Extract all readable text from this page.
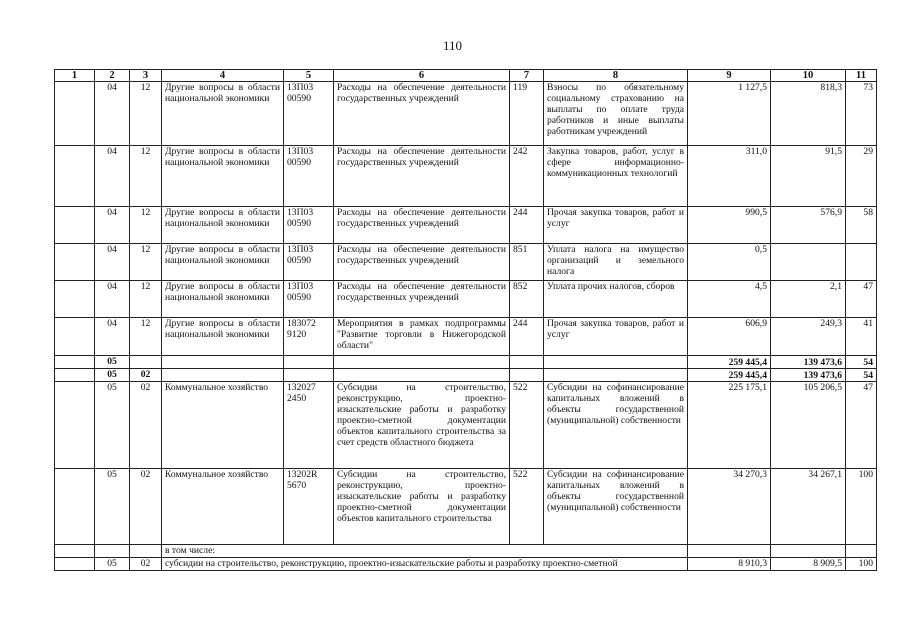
110
1	2	3	4	5	6	7	8	9	10	11
	04	12	Другие вопросы в области национальной экономики	13П03 00590	Расходы на обеспечение деятельности государственных учреждений	119	Взносы по обязательному социальному страхованию на выплаты по оплате труда работников и иные выплаты работникам учреждений	1 127,5	818,3	73
	04	12	Другие вопросы в области национальной экономики	13П03 00590	Расходы на обеспечение деятельности государственных учреждений	242	Закупка товаров, работ, услуг в сфере информационно-коммуникационных технологий	311,0	91,5	29
	04	12	Другие вопросы в области национальной экономики	13П03 00590	Расходы на обеспечение деятельности государственных учреждений	244	Прочая закупка товаров, работ и услуг	990,5	576,9	58
	04	12	Другие вопросы в области национальной экономики	13П03 00590	Расходы на обеспечение деятельности государственных учреждений	851	Уплата налога на имущество организаций и земельного налога	0,5		
	04	12	Другие вопросы в области национальной экономики	13П03 00590	Расходы на обеспечение деятельности государственных учреждений	852	Уплата прочих налогов, сборов	4,5	2,1	47
	04	12	Другие вопросы в области национальной экономики	183072 9120	Мероприятия в рамках подпрограммы "Развитие торговли в Нижегородской области"	244	Прочая закупка товаров, работ и услуг	606,9	249,3	41
	05							259 445,4	139 473,6	54
	05	02						259 445,4	139 473,6	54
	05	02	Коммунальное хозяйство	132027 2450	Субсидии на строительство, реконструкцию, проектно-изыскательские работы и разработку проектно-сметной документации объектов капитального строительства за счет средств областного бюджета	522	Субсидии на софинансирование капитальных вложений в объекты государственной (муниципальной) собственности	225 175,1	105 206,5	47
	05	02	Коммунальное хозяйство	13202R 5670	Субсидии на строительство, реконструкцию, проектно-изыскательские работы и разработку проектно-сметной документации объектов капитального строительства	522	Субсидии на софинансирование капитальных вложений в объекты государственной (муниципальной) собственности	34 270,3	34 267,1	100
			в том числе:							
	05	02	субсидии на строительство, реконструкцию, проектно-изыскательские работы и разработку проектно-сметной					8 910,3	8 909,5	100
